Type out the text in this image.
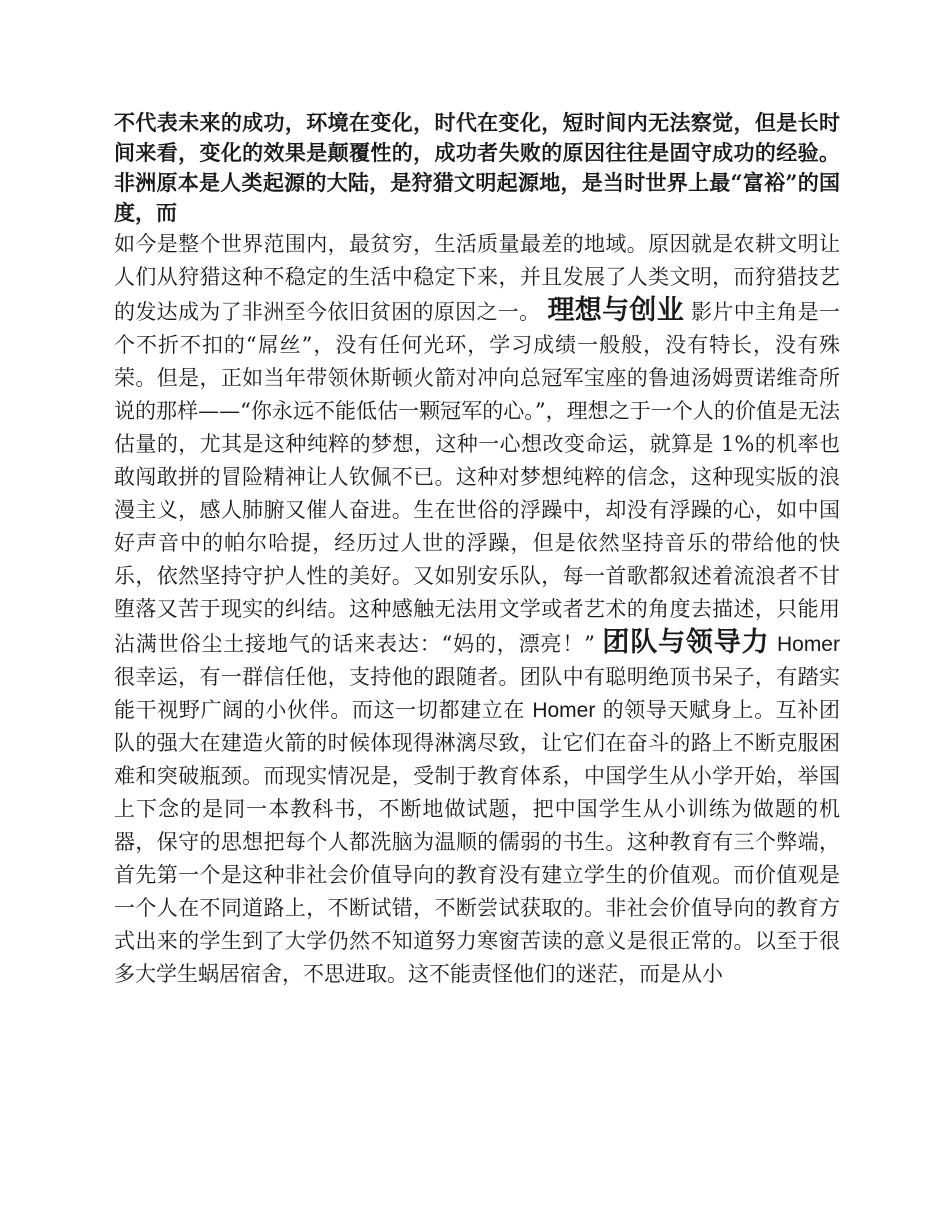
不代表未来的成功，环境在变化，时代在变化，短时间内无法察觉，但是长时间来看，变化的效果是颠覆性的，成功者失败的原因往往是固守成功的经验。非洲原本是人类起源的大陆，是狩猎文明起源地，是当时世界上最“富裕”的国度，而

如今是整个世界范围内，最贫穷，生活质量最差的地域。原因就是农耕文明让人们从狩猎这种不稳定的生活中稳定下来，并且发展了人类文明，而狩猎技艺的发达成为了非洲至今依旧贫困的原因之一。 理想与创业 影片中主角是一个不折不扣的“屌丝”，没有任何光环，学习成绩一般般，没有特长，没有殊荣。但是，正如当年带领休斯顿火箭对冲向总冠军宝座的鲁迪汤姆贾诺维奇所说的那样——“你永远不能低估一颗冠军的心。”，理想之于一个人的价值是无法估量的，尤其是这种纯粹的梦想，这种一心想改变命运，就算是 1%的机率也敢闯敢拼的冒险精神让人钦佩不已。这种对梦想纯粹的信念，这种现实版的浪漫主义，感人肺腑又催人奋进。生在世俗的浮躁中，却没有浮躁的心，如中国好声音中的帕尔哈提，经历过人世的浮躁，但是依然坚持音乐的带给他的快乐，依然坚持守护人性的美好。又如别安乐队，每一首歌都叙述着流浪者不甘堕落又苦于现实的纠结。这种感触无法用文学或者艺术的角度去描述，只能用沾满世俗尘土接地气的话来表达：“妈的，漂亮！” 团队与领导力 Homer 很幸运，有一群信任他，支持他的跟随者。团队中有聪明绝顶书呆子，有踏实能干视野广阔的小伙伴。而这一切都建立在 Homer 的领导天赋身上。互补团队的强大在建造火箭的时候体现得淋漓尽致，让它们在奋斗的路上不断克服困难和突破瓶颈。而现实情况是，受制于教育体系，中国学生从小学开始，举国上下念的是同一本教科书，不断地做试题，把中国学生从小训练为做题的机器，保守的思想把每个人都洗脑为温顺的儒弱的书生。这种教育有三个弊端，首先第一个是这种非社会价值导向的教育没有建立学生的价值观。而价值观是一个人在不同道路上，不断试错，不断尝试获取的。非社会价值导向的教育方式出来的学生到了大学仍然不知道努力寒窗苦读的意义是很正常的。以至于很多大学生蜗居宿舍，不思进取。这不能责怪他们的迷茫，而是从小
